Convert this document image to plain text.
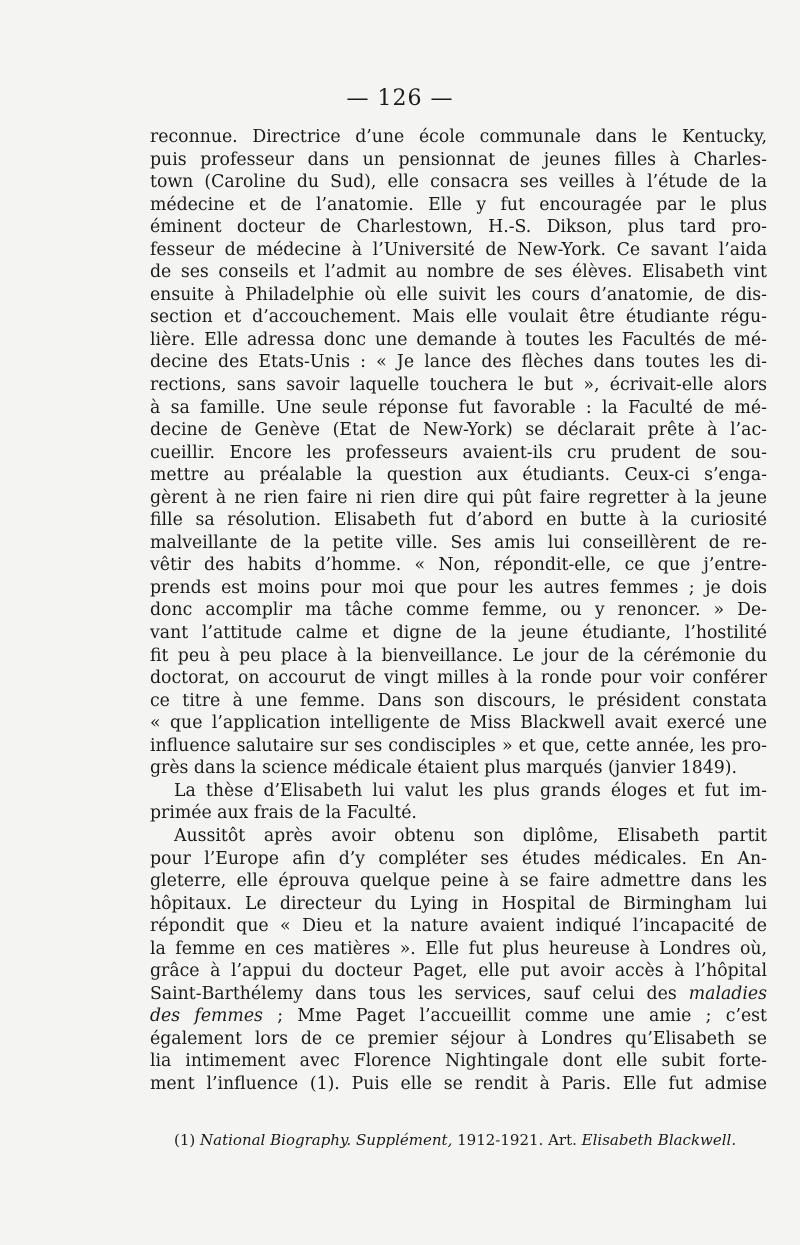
— 126 —
reconnue. Directrice d’une école communale dans le Kentucky,
puis professeur dans un pensionnat de jeunes filles à Charles-
town (Caroline du Sud), elle consacra ses veilles à l’étude de la
médecine et de l’anatomie. Elle y fut encouragée par le plus
éminent docteur de Charlestown, H.-S. Dikson, plus tard pro-
fesseur de médecine à l’Université de New-York. Ce savant l’aida
de ses conseils et l’admit au nombre de ses élèves. Elisabeth vint
ensuite à Philadelphie où elle suivit les cours d’anatomie, de dis-
section et d’accouchement. Mais elle voulait être étudiante régu-
lière. Elle adressa donc une demande à toutes les Facultés de mé-
decine des Etats-Unis : « Je lance des flèches dans toutes les di-
rections, sans savoir laquelle touchera le but », écrivait-elle alors
à sa famille. Une seule réponse fut favorable : la Faculté de mé-
decine de Genève (Etat de New-York) se déclarait prête à l’ac-
cueillir. Encore les professeurs avaient-ils cru prudent de sou-
mettre au préalable la question aux étudiants. Ceux-ci s’enga-
gèrent à ne rien faire ni rien dire qui pût faire regretter à la jeune
fille sa résolution. Elisabeth fut d’abord en butte à la curiosité
malveillante de la petite ville. Ses amis lui conseillèrent de re-
vêtir des habits d’homme. « Non, répondit-elle, ce que j’entre-
prends est moins pour moi que pour les autres femmes ; je dois
donc accomplir ma tâche comme femme, ou y renoncer. » De-
vant l’attitude calme et digne de la jeune étudiante, l’hostilité
fit peu à peu place à la bienveillance. Le jour de la cérémonie du
doctorat, on accourut de vingt milles à la ronde pour voir conférer
ce titre à une femme. Dans son discours, le président constata
« que l’application intelligente de Miss Blackwell avait exercé une
influence salutaire sur ses condisciples » et que, cette année, les pro-
grès dans la science médicale étaient plus marqués (janvier 1849).
La thèse d’Elisabeth lui valut les plus grands éloges et fut im-
primée aux frais de la Faculté.
Aussitôt après avoir obtenu son diplôme, Elisabeth partit
pour l’Europe afin d’y compléter ses études médicales. En An-
gleterre, elle éprouva quelque peine à se faire admettre dans les
hôpitaux. Le directeur du Lying in Hospital de Birmingham lui
répondit que « Dieu et la nature avaient indiqué l’incapacité de
la femme en ces matières ». Elle fut plus heureuse à Londres où,
grâce à l’appui du docteur Paget, elle put avoir accès à l’hôpital
Saint-Barthélemy dans tous les services, sauf celui des maladies
des femmes ; Mme Paget l’accueillit comme une amie ; c’est
également lors de ce premier séjour à Londres qu’Elisabeth se
lia intimement avec Florence Nightingale dont elle subit forte-
ment l’influence (1). Puis elle se rendit à Paris. Elle fut admise
(1) National Biography. Supplément, 1912-1921. Art. Elisabeth Blackwell.
